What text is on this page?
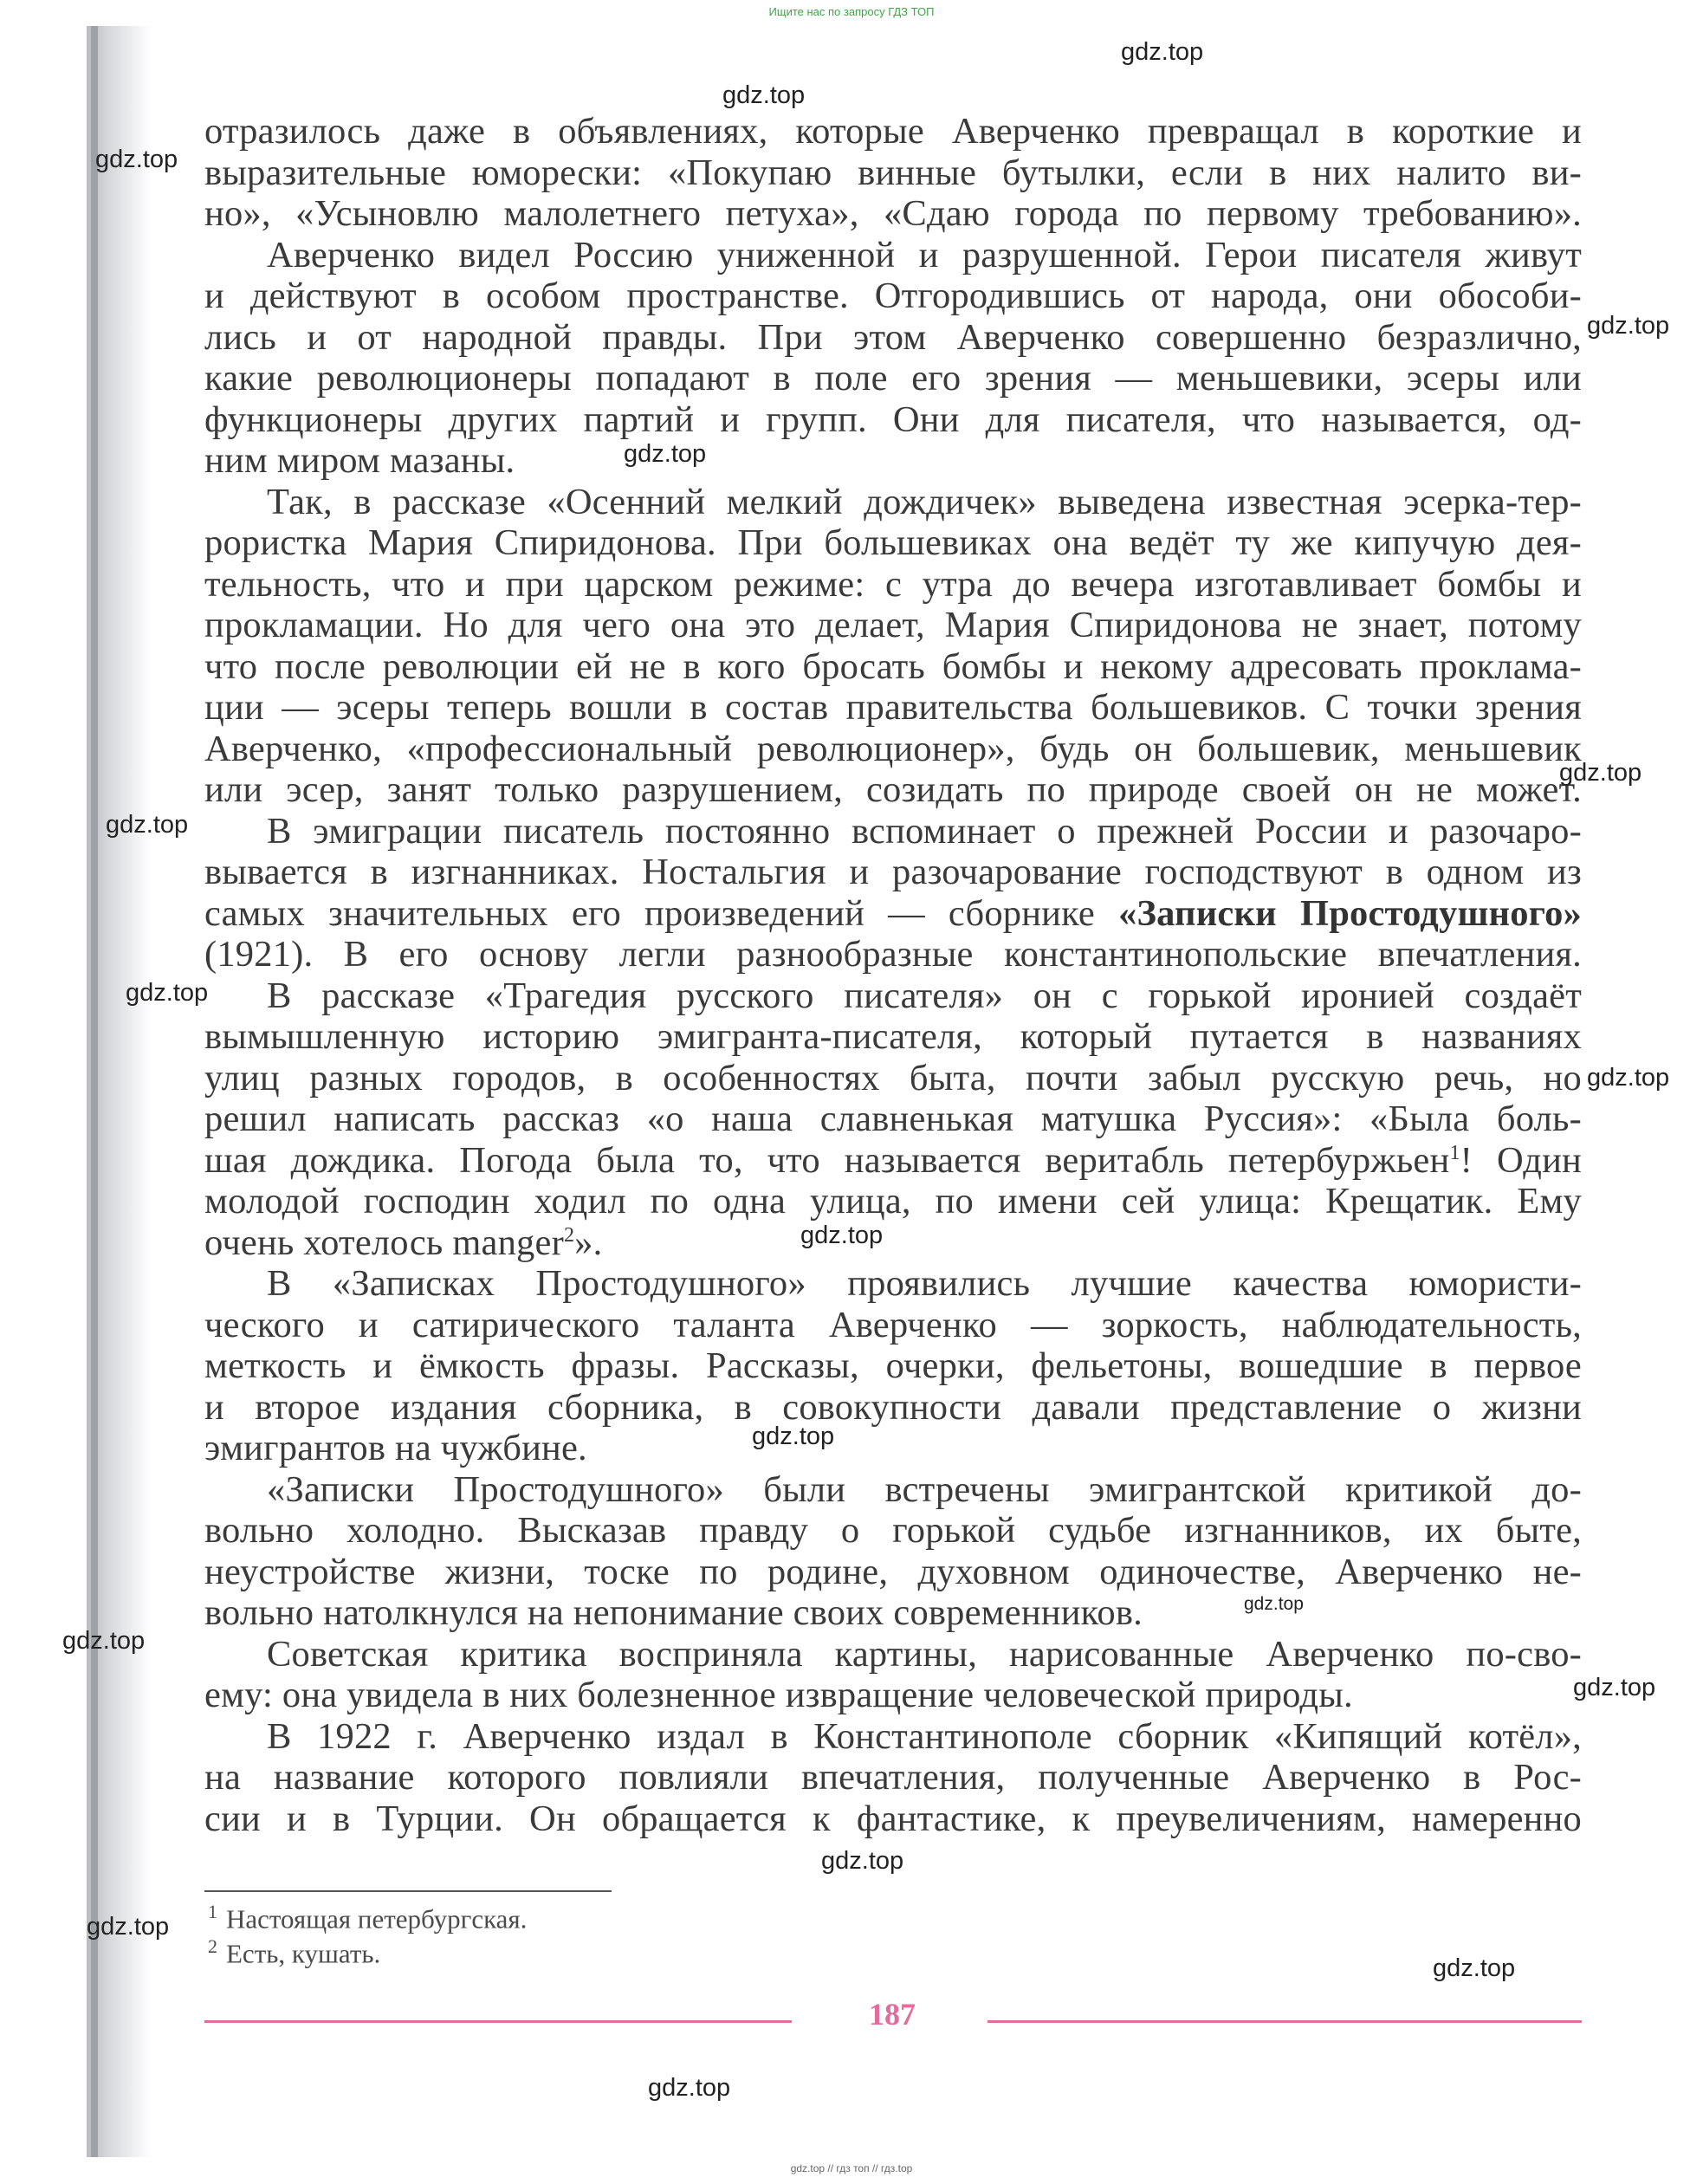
Ищите нас по запросу ГДЗ ТОП
отразилось даже в объявлениях, которые Аверченко превращал в короткие и
выразительные юморески: «Покупаю винные бутылки, если в них налито ви-
но», «Усыновлю малолетнего петуха», «Сдаю города по первому требованию».
Аверченко видел Россию униженной и разрушенной. Герои писателя живут
и действуют в особом пространстве. Отгородившись от народа, они обособи-
лись и от народной правды. При этом Аверченко совершенно безразлично,
какие революционеры попадают в поле его зрения — меньшевики, эсеры или
функционеры других партий и групп. Они для писателя, что называется, од-
ним миром мазаны.
Так, в рассказе «Осенний мелкий дождичек» выведена известная эсерка-тер-
рористка Мария Спиридонова. При большевиках она ведёт ту же кипучую дея-
тельность, что и при царском режиме: с утра до вечера изготавливает бомбы и
прокламации. Но для чего она это делает, Мария Спиридонова не знает, потому
что после революции ей не в кого бросать бомбы и некому адресовать проклама-
ции — эсеры теперь вошли в состав правительства большевиков. С точки зрения
Аверченко, «профессиональный революционер», будь он большевик, меньшевик
или эсер, занят только разрушением, созидать по природе своей он не может.
В эмиграции писатель постоянно вспоминает о прежней России и разочаро-
вывается в изгнанниках. Ностальгия и разочарование господствуют в одном из
самых значительных его произведений — сборнике «Записки Простодушного»
(1921). В его основу легли разнообразные константинопольские впечатления.
В рассказе «Трагедия русского писателя» он с горькой иронией создаёт
вымышленную историю эмигранта-писателя, который путается в названиях
улиц разных городов, в особенностях быта, почти забыл русскую речь, но
решил написать рассказ «о наша славненькая матушка Руссия»: «Была боль-
шая дождика. Погода была то, что называется веритабль петербуржьен$^1$! Один
молодой господин ходил по одна улица, по имени сей улица: Крещатик. Ему
очень хотелось manger$^2$».
В «Записках Простодушного» проявились лучшие качества юмористи-
ческого и сатирического таланта Аверченко — зоркость, наблюдательность,
меткость и ёмкость фразы. Рассказы, очерки, фельетоны, вошедшие в первое
и второе издания сборника, в совокупности давали представление о жизни
эмигрантов на чужбине.
«Записки Простодушного» были встречены эмигрантской критикой до-
вольно холодно. Высказав правду о горькой судьбе изгнанников, их быте,
неустройстве жизни, тоске по родине, духовном одиночестве, Аверченко не-
вольно натолкнулся на непонимание своих современников.
Советская критика восприняла картины, нарисованные Аверченко по-сво-
ему: она увидела в них болезненное извращение человеческой природы.
В 1922 г. Аверченко издал в Константинополе сборник «Кипящий котёл»,
на название которого повлияли впечатления, полученные Аверченко в Рос-
сии и в Турции. Он обращается к фантастике, к преувеличениям, намеренно
gdz.top
gdz.top
gdz.top
gdz.top
gdz.top
gdz.top
gdz.top
gdz.top
gdz.top
gdz.top
gdz.top
gdz.top
gdz.top
gdz.top
gdz.top
gdz.top
gdz.top
gdz.top
$^1$ Настоящая петербургская.
$^2$ Есть, кушать.
187
gdz.top // гдз топ // гдз.top
